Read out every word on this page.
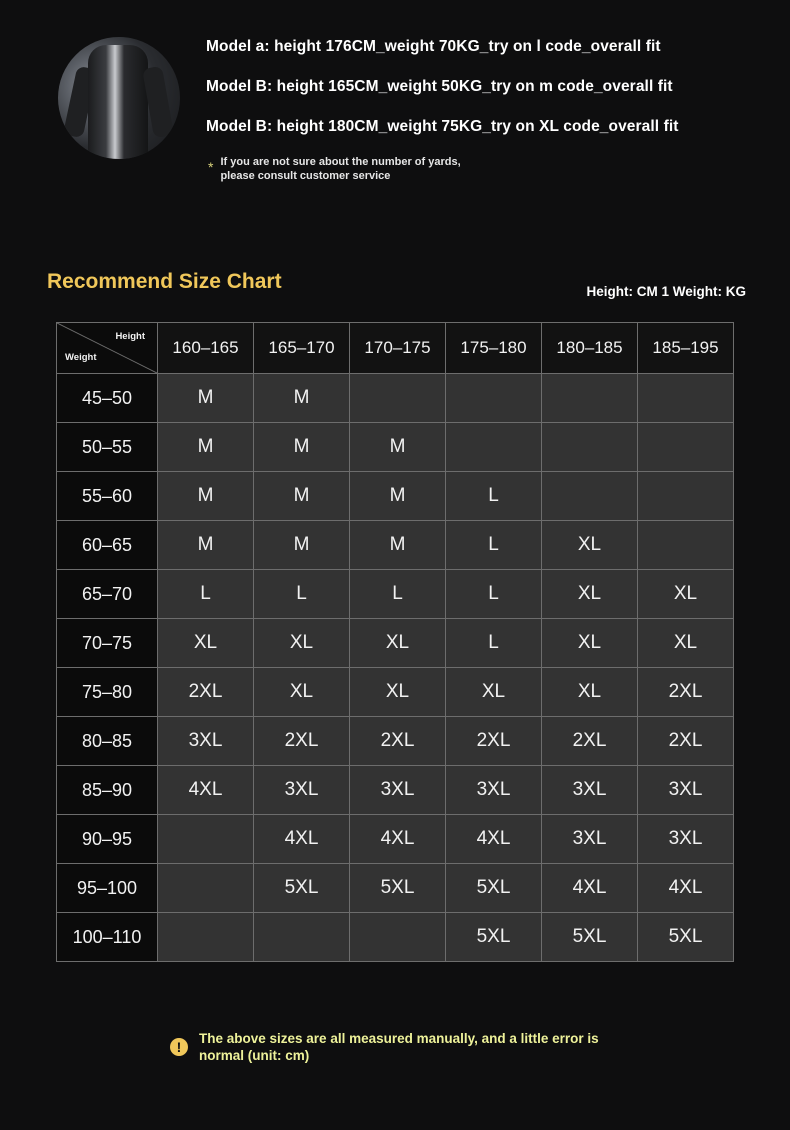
Model a: height 176CM_weight 70KG_try on l code_overall fit
Model B: height 165CM_weight 50KG_try on m code_overall fit
Model B: height 180CM_weight 75KG_try on XL code_overall fit
* If you are not sure about the number of yards, please consult customer service
Recommend Size Chart	Height: CM 1 Weight: KG
Height
Weight	160–165	165–170	170–175	175–180	180–185	185–195
45–50	M	M				
50–55	M	M	M			
55–60	M	M	M	L		
60–65	M	M	M	L	XL	
65–70	L	L	L	L	XL	XL
70–75	XL	XL	XL	L	XL	XL
75–80	2XL	XL	XL	XL	XL	2XL
80–85	3XL	2XL	2XL	2XL	2XL	2XL
85–90	4XL	3XL	3XL	3XL	3XL	3XL
90–95		4XL	4XL	4XL	3XL	3XL
95–100		5XL	5XL	5XL	4XL	4XL
100–110				5XL	5XL	5XL
!
The above sizes are all measured manually, and a little error is normal (unit: cm)
